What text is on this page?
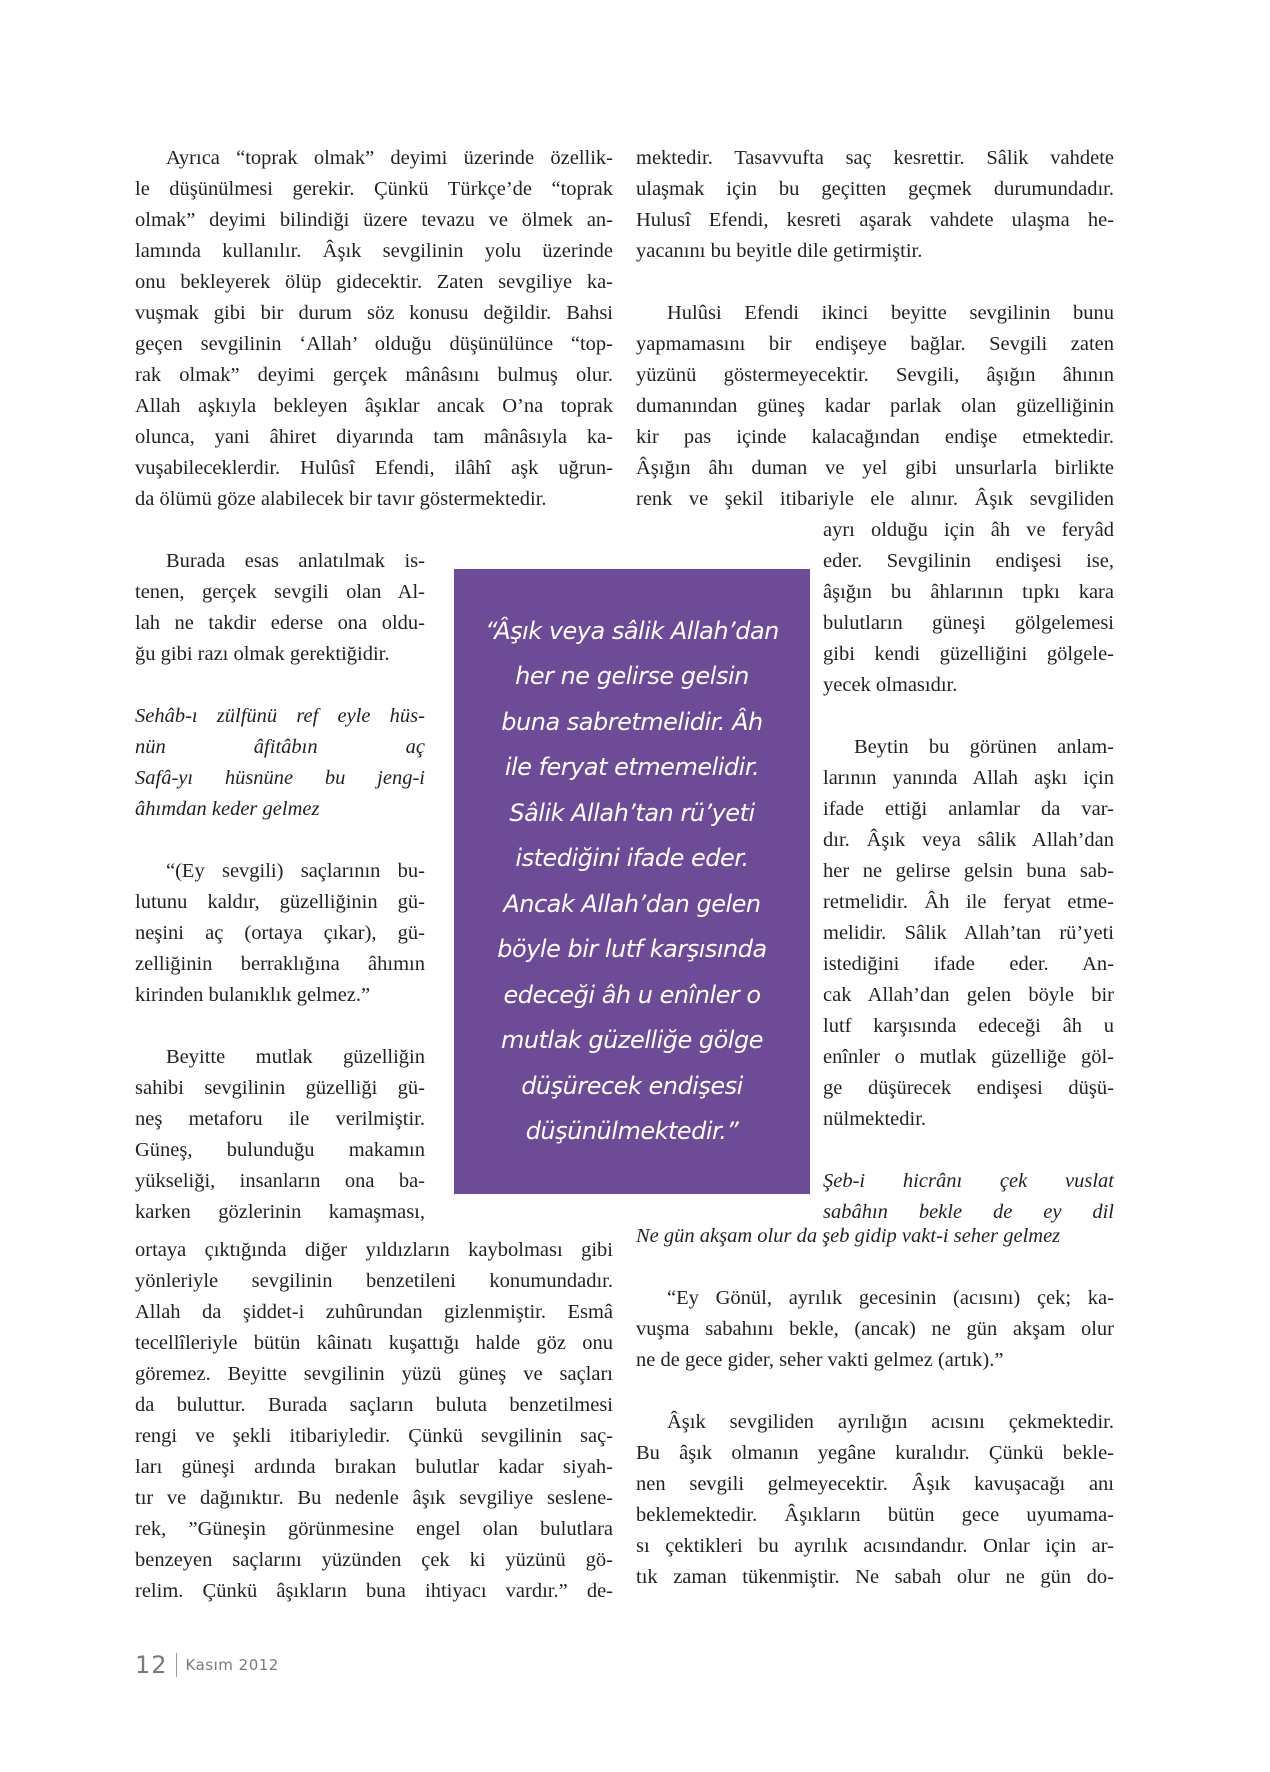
Ayrıca “toprak olmak” deyimi üzerinde özellik-
le düşünülmesi gerekir. Çünkü Türkçe’de “toprak
olmak” deyimi bilindiği üzere tevazu ve ölmek an-
lamında kullanılır. Âşık sevgilinin yolu üzerinde
onu bekleyerek ölüp gidecektir. Zaten sevgiliye ka-
vuşmak gibi bir durum söz konusu değildir. Bahsi
geçen sevgilinin ‘Allah’ olduğu düşünülünce “top-
rak olmak” deyimi gerçek mânâsını bulmuş olur.
Allah aşkıyla bekleyen âşıklar ancak O’na toprak
olunca, yani âhiret diyarında tam mânâsıyla ka-
vuşabileceklerdir. Hulûsî Efendi, ilâhî aşk uğrun-
da ölümü göze alabilecek bir tavır göstermektedir.
Burada esas anlatılmak is-
tenen, gerçek sevgili olan Al-
lah ne takdir ederse ona oldu-
ğu gibi razı olmak gerektiğidir.
Sehâb-ı zülfünü ref eyle hüs-
nün âfitâbın aç
Safâ-yı hüsnüne bu jeng-i
âhımdan keder gelmez
“(Ey sevgili) saçlarının bu-
lutunu kaldır, güzelliğinin gü-
neşini aç (ortaya çıkar), gü-
zelliğinin berraklığına âhımın
kirinden bulanıklık gelmez.”
Beyitte mutlak güzelliğin
sahibi sevgilinin güzelliği gü-
neş metaforu ile verilmiştir.
Güneş, bulunduğu makamın
yükseliği, insanların ona ba-
karken gözlerinin kamaşması,
ortaya çıktığında diğer yıldızların kaybolması gibi
yönleriyle sevgilinin benzetileni konumundadır.
Allah da şiddet-i zuhûrundan gizlenmiştir. Esmâ
tecellîleriyle bütün kâinatı kuşattığı halde göz onu
göremez. Beyitte sevgilinin yüzü güneş ve saçları
da buluttur. Burada saçların buluta benzetilmesi
rengi ve şekli itibariyledir. Çünkü sevgilinin saç-
ları güneşi ardında bırakan bulutlar kadar siyah-
tır ve dağınıktır. Bu nedenle âşık sevgiliye seslene-
rek, ”Güneşin görünmesine engel olan bulutlara
benzeyen saçlarını yüzünden çek ki yüzünü gö-
relim. Çünkü âşıkların buna ihtiyacı vardır.” de-
mektedir. Tasavvufta saç kesrettir. Sâlik vahdete
ulaşmak için bu geçitten geçmek durumundadır.
Hulusî Efendi, kesreti aşarak vahdete ulaşma he-
yacanını bu beyitle dile getirmiştir.
Hulûsi Efendi ikinci beyitte sevgilinin bunu
yapmamasını bir endişeye bağlar. Sevgili zaten
yüzünü göstermeyecektir. Sevgili, âşığın âhının
dumanından güneş kadar parlak olan güzelliğinin
kir pas içinde kalacağından endişe etmektedir.
Âşığın âhı duman ve yel gibi unsurlarla birlikte
renk ve şekil itibariyle ele alınır. Âşık sevgiliden
ayrı olduğu için âh ve feryâd
eder. Sevgilinin endişesi ise,
âşığın bu âhlarının tıpkı kara
bulutların güneşi gölgelemesi
gibi kendi güzelliğini gölgele-
yecek olmasıdır.
Beytin bu görünen anlam-
larının yanında Allah aşkı için
ifade ettiği anlamlar da var-
dır. Âşık veya sâlik Allah’dan
her ne gelirse gelsin buna sab-
retmelidir. Âh ile feryat etme-
melidir. Sâlik Allah’tan rü’yeti
istediğini ifade eder. An-
cak Allah’dan gelen böyle bir
lutf karşısında edeceği âh u
enînler o mutlak güzelliğe göl-
ge düşürecek endişesi düşü-
nülmektedir.
Şeb-i hicrânı çek vuslat
sabâhın bekle de ey dil
Ne gün akşam olur da şeb gidip vakt-i seher gelmez
“Ey Gönül, ayrılık gecesinin (acısını) çek; ka-
vuşma sabahını bekle, (ancak) ne gün akşam olur
ne de gece gider, seher vakti gelmez (artık).”
Âşık sevgiliden ayrılığın acısını çekmektedir.
Bu âşık olmanın yegâne kuralıdır. Çünkü bekle-
nen sevgili gelmeyecektir. Âşık kavuşacağı anı
beklemektedir. Âşıkların bütün gece uyumama-
sı çektikleri bu ayrılık acısındandır. Onlar için ar-
tık zaman tükenmiştir. Ne sabah olur ne gün do-

“Âşık veya sâlik Allah’dan
her ne gelirse gelsin
buna sabretmelidir. Âh
ile feryat etmemelidir.
Sâlik Allah’tan rü’yeti
istediğini ifade eder.
Ancak Allah’dan gelen
böyle bir lutf karşısında
edeceği âh u enînler o
mutlak güzelliğe gölge
düşürecek endişesi
düşünülmektedir.”

12 Kasım 2012
